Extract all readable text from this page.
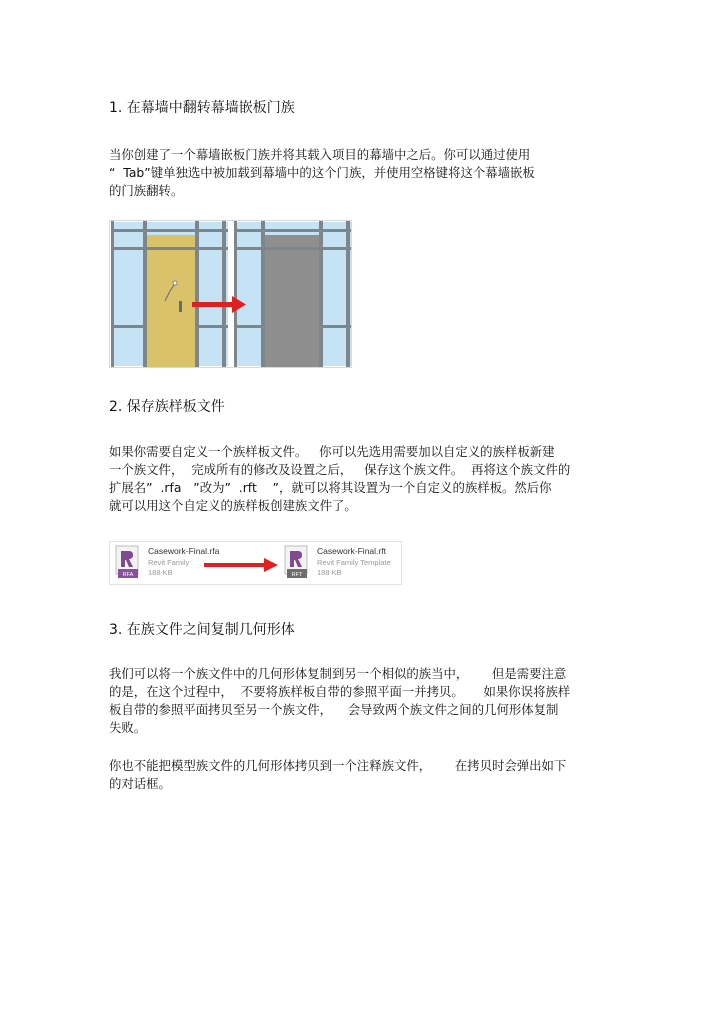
1. 在幕墙中翻转幕墙嵌板门族
当你创建了一个幕墙嵌板门族并将其载入项目的幕墙中之后。你可以通过使用
“  Tab”键单独选中被加载到幕墙中的这个门族，并使用空格键将这个幕墙嵌板
的门族翻转。
2. 保存族样板文件
如果你需要自定义一个族样板文件。   你可以先选用需要加以自定义的族样板新建
一个族文件，  完成所有的修改及设置之后，   保存这个族文件。  再将这个族文件的
扩展名”  .rfa   ”改为”  .rft    ”，就可以将其设置为一个自定义的族样板。然后你
就可以用这个自定义的族样板创建族文件了。
RFA
Casework-Final.rfa
Revit Family
188 KB	RFT
Casework-Final.rft
Revit Family Template
188 KB
3. 在族文件之间复制几何形体
我们可以将一个族文件中的几何形体复制到另一个相似的族当中，      但是需要注意
的是，在这个过程中，  不要将族样板自带的参照平面一并拷贝。     如果你误将族样
板自带的参照平面拷贝至另一个族文件，    会导致两个族文件之间的几何形体复制
失败。
你也不能把模型族文件的几何形体拷贝到一个注释族文件，      在拷贝时会弹出如下
的对话框。
